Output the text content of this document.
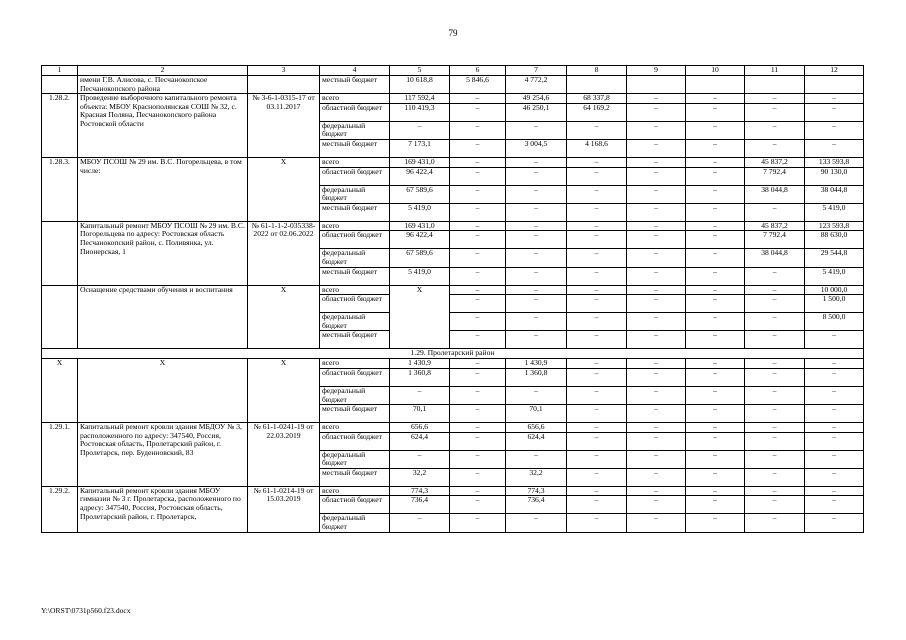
79
1	2	3	4	5	6	7	8	9	10	11	12
	имени Г.В. Алисова, с. Песчанокопское Песчанокопского района		местный бюджет	10 618,8	5 846,6	4 772,2					
1.28.2.	Проведение выборочного капитального ремонта объекта: МБОУ Краснополянская СОШ № 32, с. Красная Поляна, Песчанокопского района Ростовской области	№ 3-6-1-0315-17 от 03.11.2017	всего	117 592,4	–	49 254,6	68 337,8	–	–	–	–
			областной бюджет	110 419,3	–	46 250,1	64 169,2	–	–	–	–
			федеральный бюджет	–	–	–	–	–	–	–	–
			местный бюджет	7 173,1	–	3 004,5	4 168,6	–	–	–	–
1.28.3.	МБОУ ПСОШ № 29 им. В.С. Погорельцева, в том числе:	X	всего	169 431,0	–	–	–	–	–	45 837,2	133 593,8
			областной бюджет	96 422,4	–	–	–	–	–	7 792,4	90 130,0
			федеральный бюджет	67 589,6	–	–	–	–	–	38 044,8	38 044,8
			местный бюджет	5 419,0	–	–	–	–	–	–	5 419,0
	Капитальный ремонт МБОУ ПСОШ № 29 им. В.С. Погорельцева по адресу: Ростовская область Песчанокопский район, с. Поливянка, ул. Пионерская, 1	№ 61-1-1-2-035338-2022 от 02.06.2022	всего	169 431,0	–	–	–	–	–	45 837,2	123 593,8
			областной бюджет	96 422,4	–	–	–	–	–	7 792,4	88 630,0
			федеральный бюджет	67 589,6	–	–	–	–	–	38 044,8	29 544,8
			местный бюджет	5 419,0	–	–	–	–	–	–	5 419,0
	Оснащение средствами обучения и воспитания	X	всего	X	–	–	–	–	–	–	10 000,0
			областной бюджет		–	–	–	–	–	–	1 500,0
			федеральный бюджет		–	–	–	–	–	–	8 500,0
			местный бюджет		–	–	–	–	–	–	–
1.29. Пролетарский район											
X	X	X	всего	1 430,9	–	1 430,9	–	–	–	–	–
			областной бюджет	1 360,8	–	1 360,8	–	–	–	–	–
			федеральный бюджет	–	–	–	–	–	–	–	–
			местный бюджет	70,1	–	70,1	–	–	–	–	–
1.29.1.	Капитальный ремонт кровли здания МБДОУ № 3, расположенного по адресу: 347540, Россия, Ростовская область, Пролетарский район, г. Пролетарск, пер. Буденновский, 83	№ 61-1-0241-19 от 22.03.2019	всего	656,6	–	656,6	–	–	–	–	–
			областной бюджет	624,4	–	624,4	–	–	–	–	–
			федеральный бюджет	–	–	–	–	–	–	–	–
			местный бюджет	32,2	–	32,2	–	–	–	–	–
1.29.2.	Капитальный ремонт кровли здания МБОУ гимназии № 3 г. Пролетарска, расположенного по адресу: 347540, Россия, Ростовская область, Пролетарский район, г. Пролетарск,	№ 61-1-0214-19 от 15.03.2019	всего	774,3	–	774,3	–	–	–	–	–
			областной бюджет	736,4	–	736,4	–	–	–	–	–
			федеральный бюджет	–	–	–	–	–	–	–	–
Y:\ORST\0731p560.f23.docx
